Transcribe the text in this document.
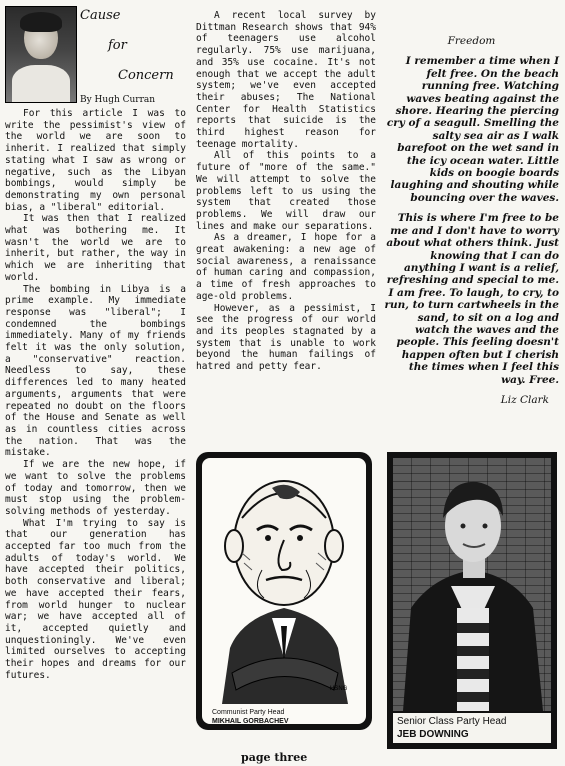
Cause
for
Concern
By Hugh Curran

For this article I was to write the pessimist's view of the world we are soon to inherit. I realized that simply stating what I saw as wrong or negative, such as the Libyan bombings, would simply be demonstrating my own personal bias, a "liberal" editorial.

It was then that I realized what was bothering me. It wasn't the world we are to inherit, but rather, the way in which we are inheriting that world.

The bombing in Libya is a prime example. My immediate response was "liberal"; I condemned the bombings immediately. Many of my friends felt it was the only solution, a "conservative" reaction. Needless to say, these differences led to many heated arguments, arguments that were repeated no doubt on the floors of the House and Senate as well as in countless cities across the nation. That was the mistake.

If we are the new hope, if we want to solve the problems of today and tomorrow, then we must stop using the problem-solving methods of yesterday.

What I'm trying to say is that our generation has accepted far too much from the adults of today's world. We have accepted their politics, both conservative and liberal; we have accepted their fears, from world hunger to nuclear war; we have accepted all of it, accepted quietly and unquestioningly. We've even limited ourselves to accepting their hopes and dreams for our futures.

A recent local survey by Dittman Research shows that 94% of teenagers use alcohol regularly. 75% use marijuana, and 35% use cocaine. It's not enough that we accept the adult system; we've even accepted their abuses; The National Center for Health Statistics reports that suicide is the third highest reason for teenage mortality.

All of this points to a future of "more of the same." We will attempt to solve the problems left to us using the system that created those problems. We will draw our lines and make our separations.

As a dreamer, I hope for a great awakening: a new age of social awareness, a renaissance of human caring and compassion, a time of fresh approaches to age-old problems.

However, as a pessimist, I see the progress of our world and its peoples stagnated by a system that is unable to work beyond the human failings of hatred and petty fear.

Freedom

I remember a time when I felt free. On the beach running free. Watching waves beating against the shore. Hearing the piercing cry of a seagull. Smelling the salty sea air as I walk barefoot on the wet sand in the icy ocean water. Little kids on boogie boards laughing and shouting while bouncing over the waves.

This is where I'm free to be me and I don't have to worry about what others think. Just knowing that I can do anything I want is a relief, refreshing and special to me. I am free. To laugh, to cry, to run, to turn cartwheels in the sand, to sit on a log and watch the waves and the people. This feeling doesn't happen often but I cherish the times when I feel this way. Free.

Liz Clark

HSNG
Communist Party Head
MIKHAIL GORBACHEV	Senior Class Party Head
JEB DOWNING
page three
